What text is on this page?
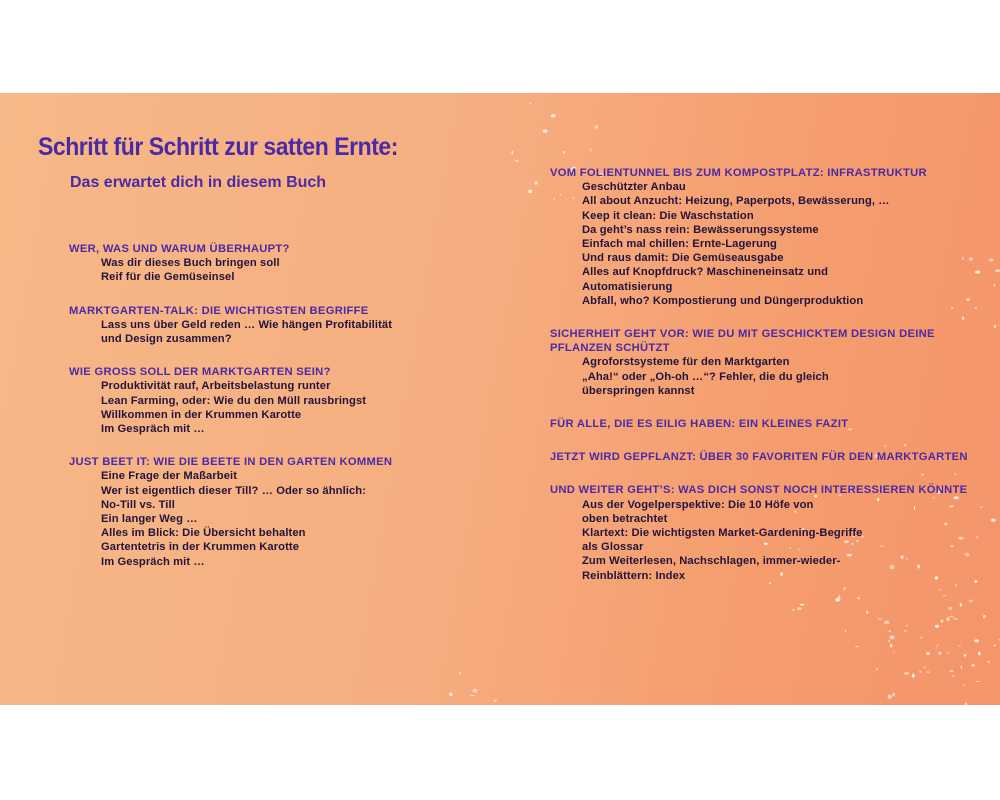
Schritt für Schritt zur satten Ernte:
Das erwartet dich in diesem Buch
WER, WAS UND WARUM ÜBERHAUPT?
Was dir dieses Buch bringen soll
Reif für die Gemüseinsel
MARKTGARTEN-TALK: DIE WICHTIGSTEN BEGRIFFE
Lass uns über Geld reden … Wie hängen Profitabilität
und Design zusammen?
WIE GROSS SOLL DER MARKTGARTEN SEIN?
Produktivität rauf, Arbeitsbelastung runter
Lean Farming, oder: Wie du den Müll rausbringst
Willkommen in der Krummen Karotte
Im Gespräch mit …
JUST BEET IT: WIE DIE BEETE IN DEN GARTEN KOMMEN
Eine Frage der Maßarbeit
Wer ist eigentlich dieser Till? … Oder so ähnlich:
No-Till vs. Till
Ein langer Weg …
Alles im Blick: Die Übersicht behalten
Gartentetris in der Krummen Karotte
Im Gespräch mit …
VOM FOLIENTUNNEL BIS ZUM KOMPOSTPLATZ: INFRASTRUKTUR
Geschützter Anbau
All about Anzucht: Heizung, Paperpots, Bewässerung, …
Keep it clean: Die Waschstation
Da geht’s nass rein: Bewässerungssysteme
Einfach mal chillen: Ernte-Lagerung
Und raus damit: Die Gemüseausgabe
Alles auf Knopfdruck? Maschineneinsatz und
Automatisierung
Abfall, who? Kompostierung und Düngerproduktion
SICHERHEIT GEHT VOR: WIE DU MIT GESCHICKTEM DESIGN DEINE PFLANZEN SCHÜTZT
Agroforstsysteme für den Marktgarten
„Aha!“ oder „Oh-oh …“? Fehler, die du gleich
überspringen kannst
FÜR ALLE, DIE ES EILIG HABEN: EIN KLEINES FAZIT
JETZT WIRD GEPFLANZT: ÜBER 30 FAVORITEN FÜR DEN MARKTGARTEN
UND WEITER GEHT’S: WAS DICH SONST NOCH INTERESSIEREN KÖNNTE
Aus der Vogelperspektive: Die 10 Höfe von
oben betrachtet
Klartext: Die wichtigsten Market-Gardening-Begriffe
als Glossar
Zum Weiterlesen, Nachschlagen, immer-wieder-
Reinblättern: Index
